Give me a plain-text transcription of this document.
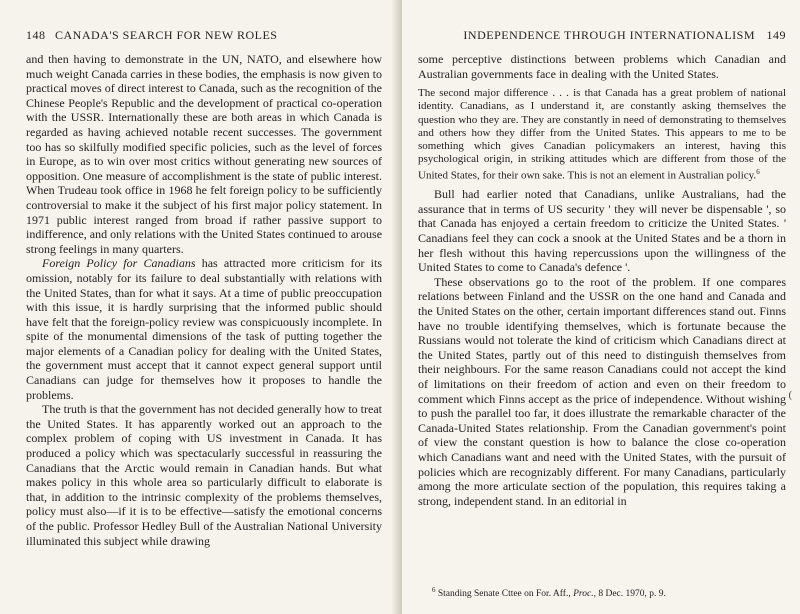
148 CANADA'S SEARCH FOR NEW ROLES

and then having to demonstrate in the UN, NATO, and elsewhere how much weight Canada carries in these bodies, the emphasis is now given to practical moves of direct interest to Canada, such as the recognition of the Chinese People's Republic and the development of practical co-operation with the USSR. Internationally these are both areas in which Canada is regarded as having achieved notable recent successes. The government too has so skilfully modified specific policies, such as the level of forces in Europe, as to win over most critics without generating new sources of opposition. One measure of accomplishment is the state of public interest. When Trudeau took office in 1968 he felt foreign policy to be sufficiently controversial to make it the subject of his first major policy statement. In 1971 public interest ranged from broad if rather passive support to indifference, and only relations with the United States continued to arouse strong feelings in many quarters.

Foreign Policy for Canadians has attracted more criticism for its omission, notably for its failure to deal substantially with relations with the United States, than for what it says. At a time of public preoccupation with this issue, it is hardly surprising that the informed public should have felt that the foreign-policy review was conspicuously incomplete. In spite of the monumental dimensions of the task of putting together the major elements of a Canadian policy for dealing with the United States, the government must accept that it cannot expect general support until Canadians can judge for themselves how it proposes to handle the problems.

The truth is that the government has not decided generally how to treat the United States. It has apparently worked out an approach to the complex problem of coping with US investment in Canada. It has produced a policy which was spectacularly successful in reassuring the Canadians that the Arctic would remain in Canadian hands. But what makes policy in this whole area so particularly difficult to elaborate is that, in addition to the intrinsic complexity of the problems themselves, policy must also—if it is to be effective—satisfy the emotional concerns of the public. Professor Hedley Bull of the Australian National University illuminated this subject while drawing

INDEPENDENCE THROUGH INTERNATIONALISM 149

some perceptive distinctions between problems which Canadian and Australian governments face in dealing with the United States.

The second major difference . . . is that Canada has a great problem of national identity. Canadians, as I understand it, are constantly asking themselves the question who they are. They are constantly in need of demonstrating to themselves and others how they differ from the United States. This appears to me to be something which gives Canadian policymakers an interest, having this psychological origin, in striking attitudes which are different from those of the United States, for their own sake. This is not an element in Australian policy.$^6$

Bull had earlier noted that Canadians, unlike Australians, had the assurance that in terms of US security ' they will never be dispensable ', so that Canada has enjoyed a certain freedom to criticize the United States. ' Canadians feel they can cock a snook at the United States and be a thorn in her flesh without this having repercussions upon the willingness of the United States to come to Canada's defence '.

These observations go to the root of the problem. If one compares relations between Finland and the USSR on the one hand and Canada and the United States on the other, certain important differences stand out. Finns have no trouble identifying themselves, which is fortunate because the Russians would not tolerate the kind of criticism which Canadians direct at the United States, partly out of this need to distinguish themselves from their neighbours. For the same reason Canadians could not accept the kind of limitations on their freedom of action and even on their freedom to comment which Finns accept as the price of independence. Without wishing to push the parallel too far, it does illustrate the remarkable character of the Canada-United States relationship. From the Canadian government's point of view the constant question is how to balance the close co-operation which Canadians want and need with the United States, with the pursuit of policies which are recognizably different. For many Canadians, particularly among the more articulate section of the population, this requires taking a strong, independent stand. In an editorial in

$^6$ Standing Senate Cttee on For. Aff., Proc., 8 Dec. 1970, p. 9.
(
